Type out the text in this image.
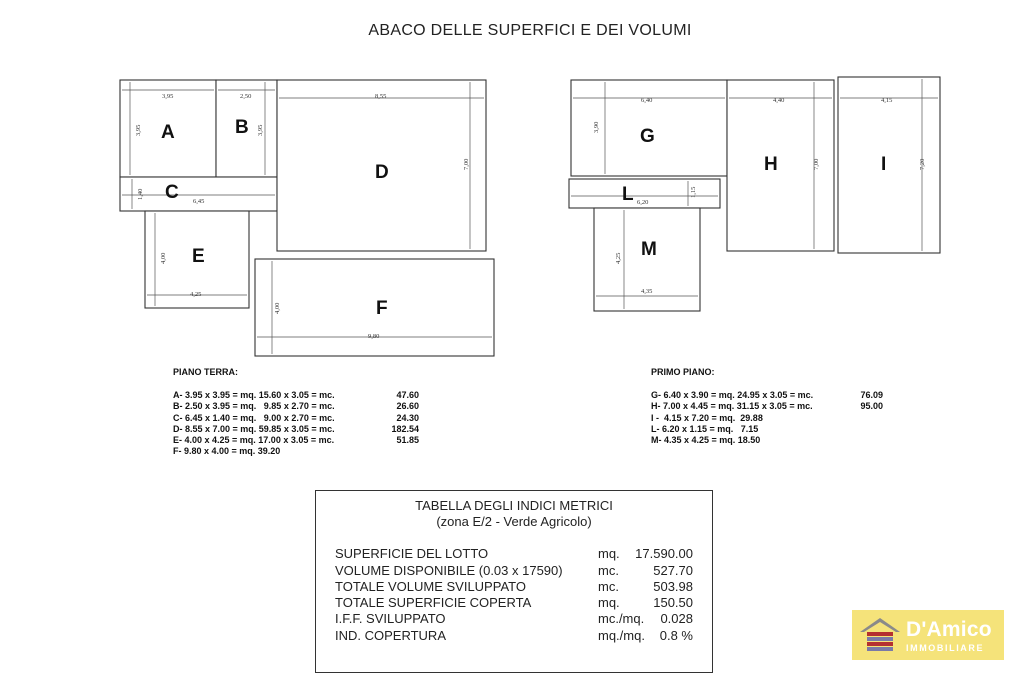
ABACO DELLE SUPERFICI E DEI VOLUMI
3,95
3,95
2,50
3,95
6,45
1,40
8,55
7,00
4,25
4,00
9,80
4,00
A	B
C
D
E
F
6,40
3,90
4,40
7,00
4,15
7,20
6,20
1,15
4,35
4,25
G
H	I
L
M
PIANO TERRA:
A- 3.95 x 3.95 = mq. 15.60 x 3.05 = mc.	47.60
B- 2.50 x 3.95 = mq.   9.85 x 2.70 = mc.	26.60
C- 6.45 x 1.40 = mq.   9.00 x 2.70 = mc.	24.30
D- 8.55 x 7.00 = mq. 59.85 x 3.05 = mc.	182.54
E- 4.00 x 4.25 = mq. 17.00 x 3.05 = mc.	51.85
F- 9.80 x 4.00 = mq. 39.20
PRIMO PIANO:
G- 6.40 x 3.90 = mq. 24.95 x 3.05 = mc.	76.09
H- 7.00 x 4.45 = mq. 31.15 x 3.05 = mc.	95.00
I -  4.15 x 7.20 = mq.  29.88
L- 6.20 x 1.15 = mq.   7.15
M- 4.35 x 4.25 = mq. 18.50
TABELLA DEGLI INDICI METRICI
(zona E/2 - Verde Agricolo)
SUPERFICIE DEL LOTTO	mq. 17.590.00
VOLUME DISPONIBILE (0.03 x 17590)	mc.	527.70
TOTALE VOLUME SVILUPPATO	mc.	503.98
TOTALE SUPERFICIE COPERTA	mq.	150.50
I.F.F. SVILUPPATO	mc./mq. 0.028
IND. COPERTURA	mq./mq. 0.8 %	D'Amico
IMMOBILIARE
